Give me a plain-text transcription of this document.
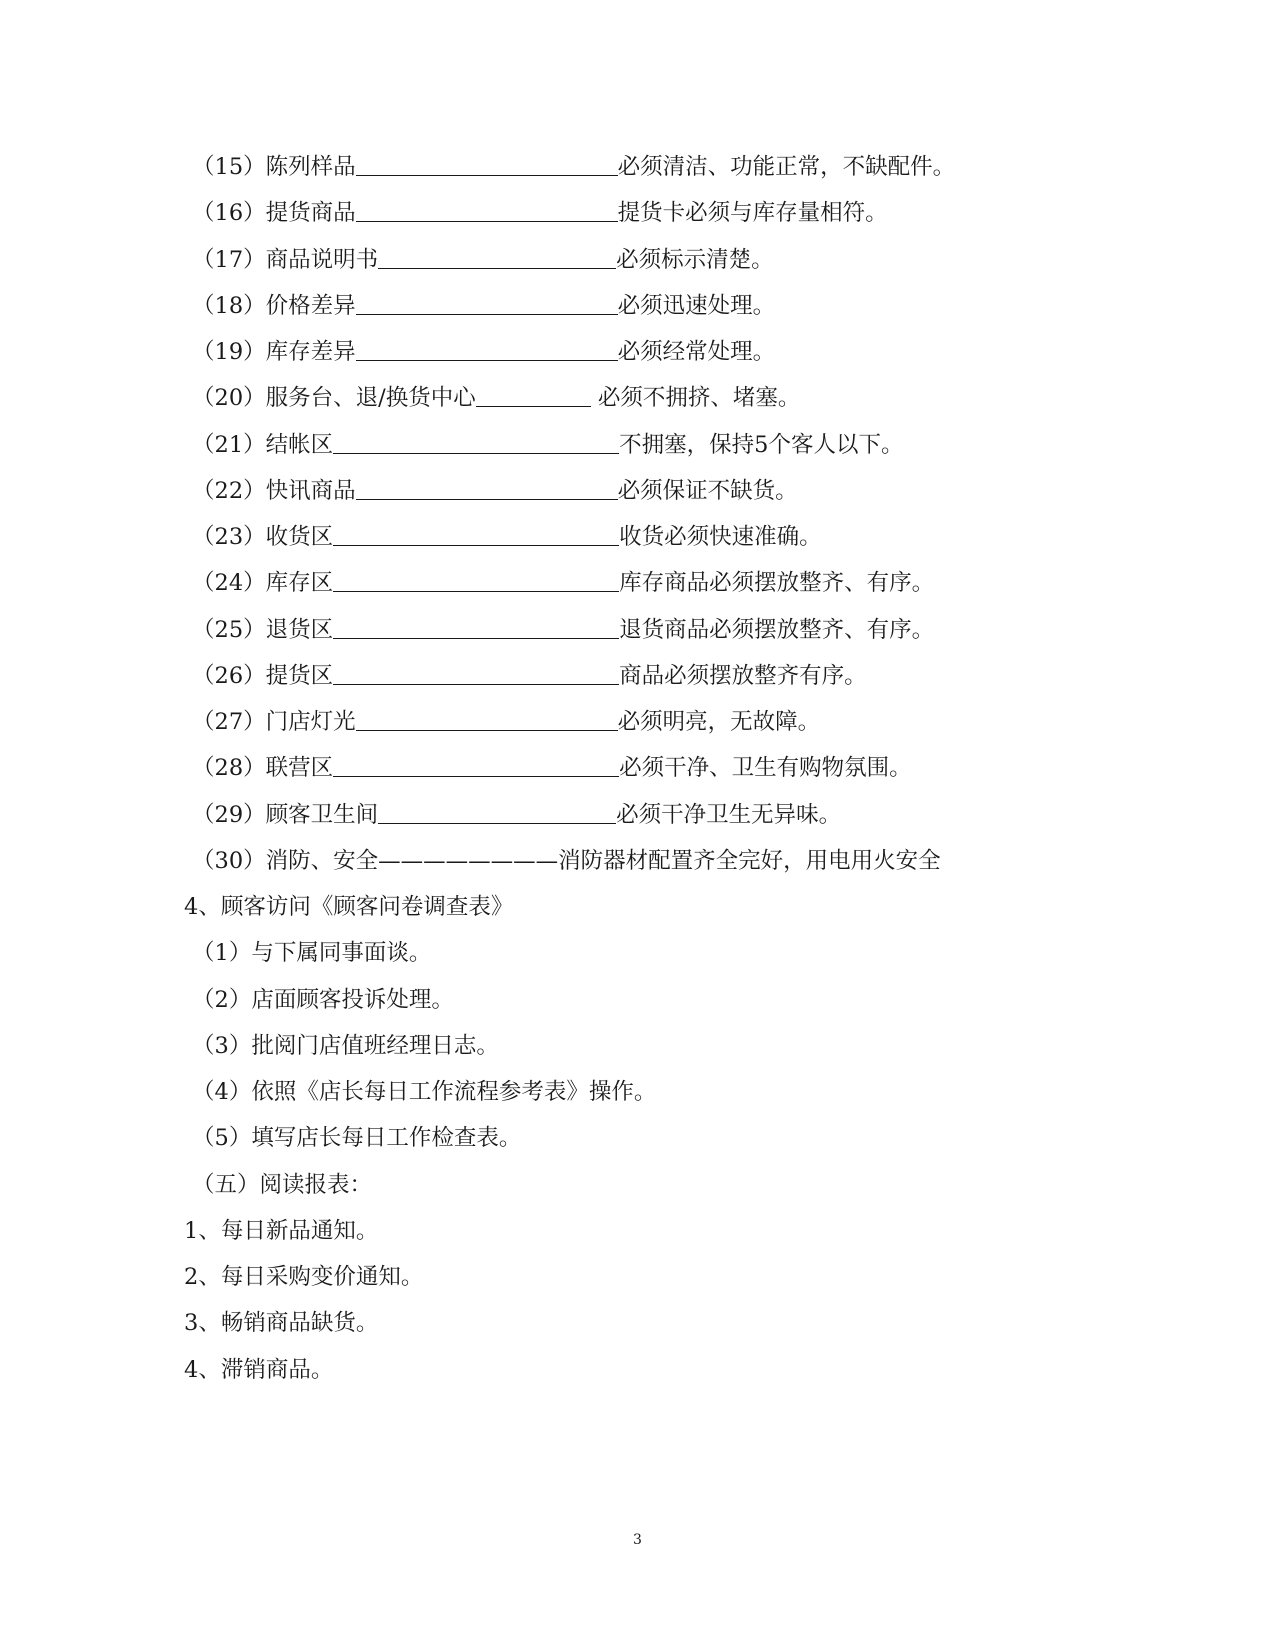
（15）陈列样品	必须清洁、功能正常，不缺配件。
（16）提货商品	提货卡必须与库存量相符。
（17）商品说明书	必须标示清楚。
（18）价格差异	必须迅速处理。
（19）库存差异	必须经常处理。
（20）服务台、退/换货中心	必须不拥挤、堵塞。
（21）结帐区	不拥塞，保持5个客人以下。
（22）快讯商品	必须保证不缺货。
（23）收货区	收货必须快速准确。
（24）库存区	库存商品必须摆放整齐、有序。
（25）退货区	退货商品必须摆放整齐、有序。
（26）提货区	商品必须摆放整齐有序。
（27）门店灯光	必须明亮，无故障。
（28）联营区	必须干净、卫生有购物氛围。
（29）顾客卫生间	必须干净卫生无异味。
（30）消防、安全————————消防器材配置齐全完好，用电用火安全
4、顾客访问《顾客问卷调查表》
（1）与下属同事面谈。
（2）店面顾客投诉处理。
（3）批阅门店值班经理日志。
（4）依照《店长每日工作流程参考表》操作。
（5）填写店长每日工作检查表。
（五）阅读报表：
1、每日新品通知。
2、每日采购变价通知。
3、畅销商品缺货。
4、滞销商品。
3
